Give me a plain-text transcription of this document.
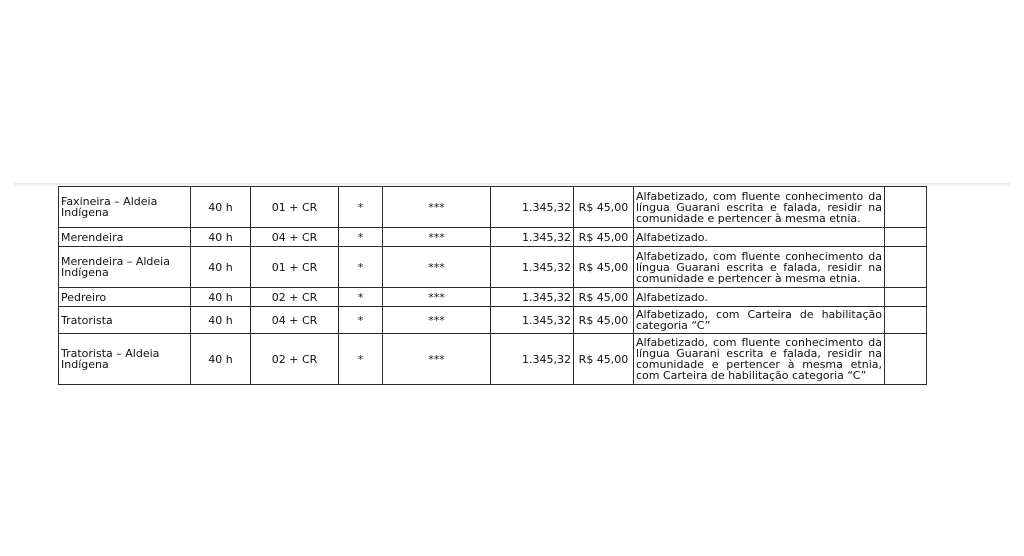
Faxineira – Aldeia Indígena	40 h	01 + CR	*	***	1.345,32	R$ 45,00	Alfabetizado, com fluente conhecimento da língua Guarani escrita e falada, residir na comunidade e pertencer à mesma etnia.	
Merendeira	40 h	04 + CR	*	***	1.345,32	R$ 45,00	Alfabetizado.	
Merendeira – Aldeia Indígena	40 h	01 + CR	*	***	1.345,32	R$ 45,00	Alfabetizado, com fluente conhecimento da língua Guarani escrita e falada, residir na comunidade e pertencer à mesma etnia.	
Pedreiro	40 h	02 + CR	*	***	1.345,32	R$ 45,00	Alfabetizado.	
Tratorista	40 h	04 + CR	*	***	1.345,32	R$ 45,00	Alfabetizado, com Carteira de habilitação categoria “C”	
Tratorista – Aldeia Indígena	40 h	02 + CR	*	***	1.345,32	R$ 45,00	Alfabetizado, com fluente conhecimento da língua Guarani escrita e falada, residir na comunidade e pertencer à mesma etnia, com Carteira de habilitação categoria “C”	
